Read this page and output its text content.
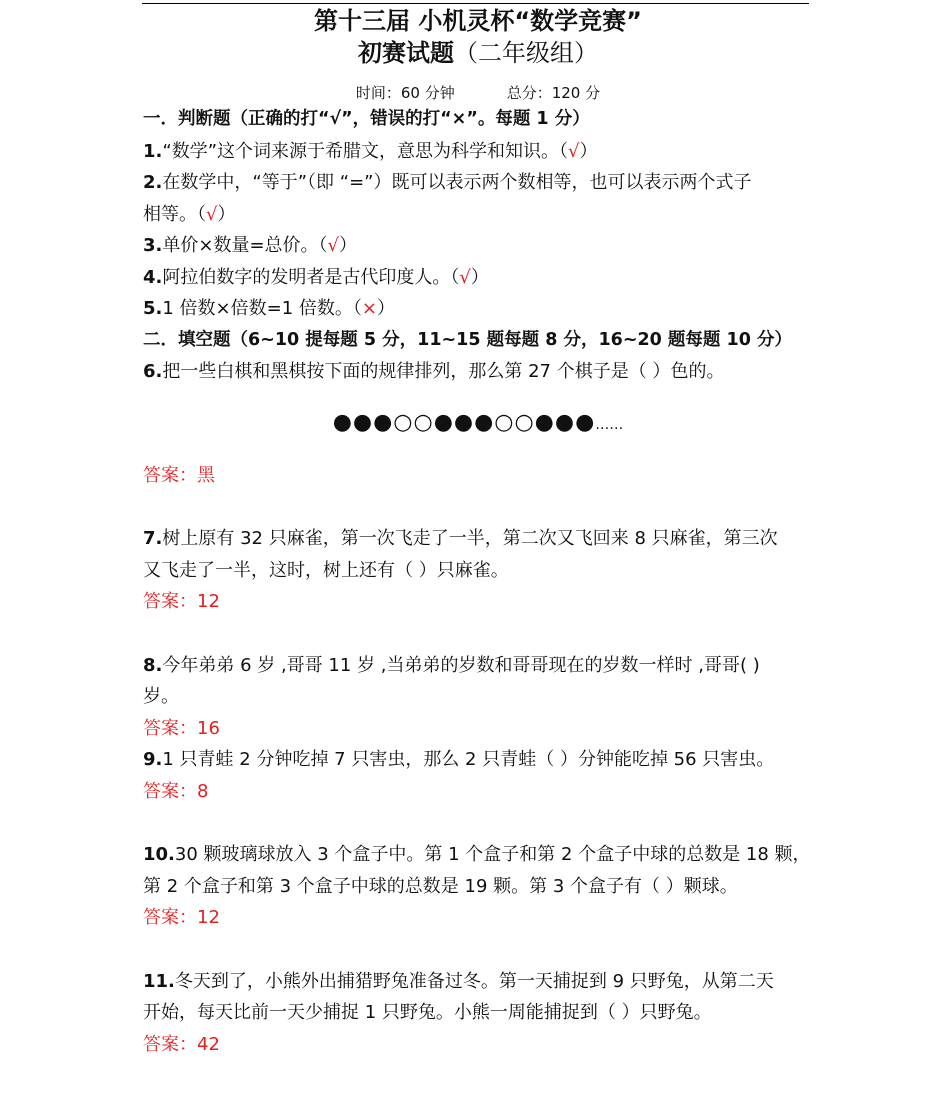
第十三届 小机灵杯“数学竞赛”
初赛试题（二年级组）
时间：60 分钟	总分：120 分
一．判断题（正确的打“√”，错误的打“×”。每题 1 分）
1.“数学”这个词来源于希腊文，意思为科学和知识。（√）
2.在数学中，“等于”（即 “=”）既可以表示两个数相等，也可以表示两个式子
相等。（√）
3.单价×数量=总价。（√）
4.阿拉伯数字的发明者是古代印度人。（√）
5.1 倍数×倍数=1 倍数。（×）
二．填空题（6~10 提每题 5 分，11~15 题每题 8 分，16~20 题每题 10 分）
6.把一些白棋和黑棋按下面的规律排列，那么第 27 个棋子是（ ）色的。
●●●○○●●●○○●●●……
答案：黑
7.树上原有 32 只麻雀，第一次飞走了一半，第二次又飞回来 8 只麻雀，第三次
又飞走了一半，这时，树上还有（ ）只麻雀。
答案：12
8.今年弟弟 6 岁 ,哥哥 11 岁 ,当弟弟的岁数和哥哥现在的岁数一样时 ,哥哥( )
岁。
答案：16
9.1 只青蛙 2 分钟吃掉 7 只害虫，那么 2 只青蛙（ ）分钟能吃掉 56 只害虫。
答案：8
10.30 颗玻璃球放入 3 个盒子中。第 1 个盒子和第 2 个盒子中球的总数是 18 颗，
第 2 个盒子和第 3 个盒子中球的总数是 19 颗。第 3 个盒子有（ ）颗球。
答案：12
11.冬天到了，小熊外出捕猎野兔准备过冬。第一天捕捉到 9 只野兔，从第二天
开始，每天比前一天少捕捉 1 只野兔。小熊一周能捕捉到（ ）只野兔。
答案：42
